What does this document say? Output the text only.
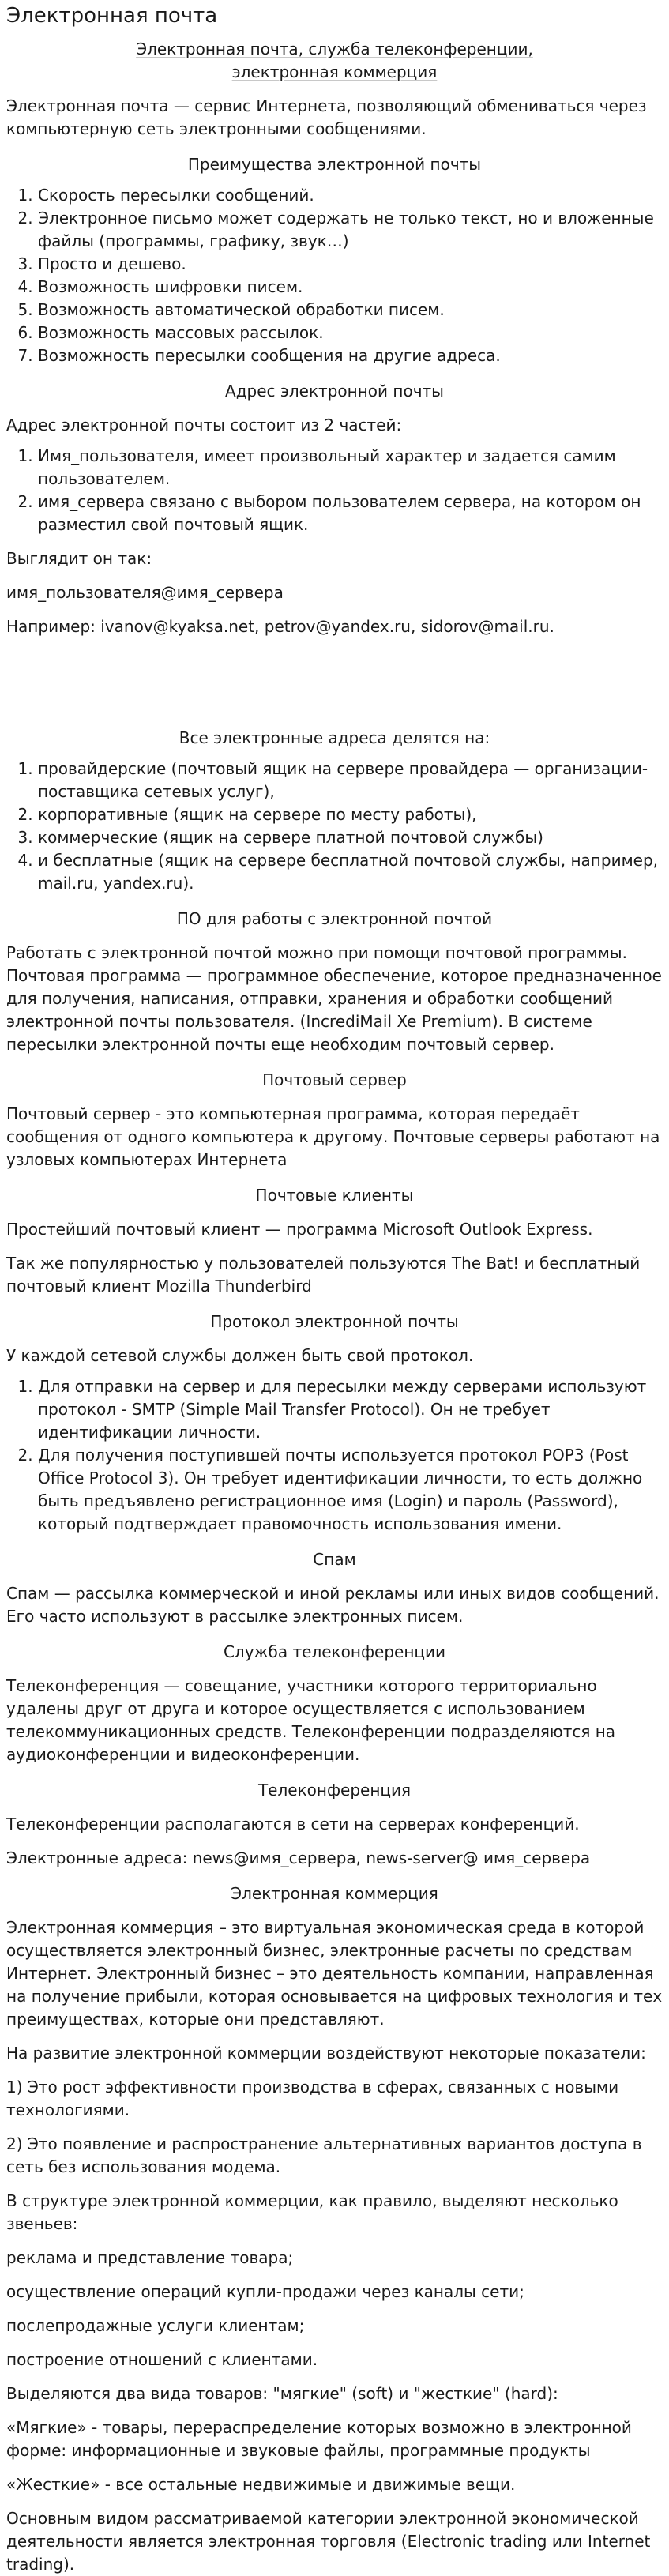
Электронная почта
Электронная почта, служба телеконференции,
электронная коммерция

Электронная почта — сервис Интернета, позволяющий обмениваться через компьютерную сеть электронными сообщениями.

Преимущества электронной почты
1. Скорость пересылки сообщений.
2. Электронное письмо может содержать не только текст, но и вложенные файлы (программы, графику, звук…)
3. Просто и дешево.
4. Возможность шифровки писем.
5. Возможность автоматической обработки писем.
6. Возможность массовых рассылок.
7. Возможность пересылки сообщения на другие адреса.
Адрес электронной почты

Адрес электронной почты состоит из 2 частей:

1. Имя_пользователя, имеет произвольный характер и задается самим пользователем.
2. имя_сервера связано с выбором пользователем сервера, на котором он разместил свой почтовый ящик.

Выглядит он так:

имя_пользователя@имя_сервера

Например: ivanov@kyaksa.net, petrov@yandex.ru, sidorov@mail.ru.

Все электронные адреса делятся на:
1. провайдерские (почтовый ящик на сервере провайдера — организации-поставщика сетевых услуг),
2. корпоративные (ящик на сервере по месту работы),
3. коммерческие (ящик на сервере платной почтовой службы)
4. и бесплатные (ящик на сервере бесплатной почтовой службы, например, mail.ru, yandex.ru).
ПО для работы с электронной почтой

Работать с электронной почтой можно при помощи почтовой программы. Почтовая программа — программное обеспечение, которое предназначенное для получения, написания, отправки, хранения и обработки сообщений электронной почты пользователя. (IncrediMail Xe Premium). В системе пересылки электронной почты еще необходим почтовый сервер.

Почтовый сервер

Почтовый сервер - это компьютерная программа, которая передаёт сообщения от одного компьютера к другому. Почтовые серверы работают на узловых компьютерах Интернета

Почтовые клиенты

Простейший почтовый клиент — программа Microsoft Outlook Express.

Так же популярностью у пользователей пользуются The Bat! и бесплатный почтовый клиент Mozilla Thunderbird

Протокол электронной почты

У каждой сетевой службы должен быть свой протокол.

1. Для отправки на сервер и для пересылки между серверами используют протокол - SMTP (Simple Mail Transfer Protocol). Он не требует идентификации личности.
2. Для получения поступившей почты используется протокол POP3 (Post Office Protocol 3). Он требует идентификации личности, то есть должно быть предъявлено регистрационное имя (Login) и пароль (Password), который подтверждает правомочность использования имени.
Спам

Спам — рассылка коммерческой и иной рекламы или иных видов сообщений. Его часто используют в рассылке электронных писем.

Служба телеконференции

Телеконференция — совещание, участники которого территориально удалены друг от друга и которое осуществляется с использованием телекоммуникационных средств. Телеконференции подразделяются на аудиоконференции и видеоконференции.

Телеконференция

Телеконференции располагаются в сети на серверах конференций.

Электронные адреса: news@имя_сервера, news-server@ имя_сервера

Электронная коммерция

Электронная коммерция – это виртуальная экономическая среда в которой осуществляется электронный бизнес, электронные расчеты по средствам Интернет. Электронный бизнес – это деятельность компании, направленная на получение прибыли, которая основывается на цифровых технология и тех преимуществах, которые они представляют.

На развитие электронной коммерции воздействуют некоторые показатели:

1) Это рост эффективности производства в сферах, связанных с новыми технологиями.

2) Это появление и распространение альтернативных вариантов доступа в сеть без использования модема.

В структуре электронной коммерции, как правило, выделяют несколько звеньев:

реклама и представление товара;

осуществление операций купли-продажи через каналы сети;

послепродажные услуги клиентам;

построение отношений с клиентами.

Выделяются два вида товаров: "мягкие" (soft) и "жесткие" (hard):

«Мягкие» - товары, перераспределение которых возможно в электронной форме: информационные и звуковые файлы, программные продукты

«Жесткие» - все остальные недвижимые и движимые вещи.

Основным видом рассматриваемой категории электронной экономической деятельности является электронная торговля (Electronic trading или Internet trading).
